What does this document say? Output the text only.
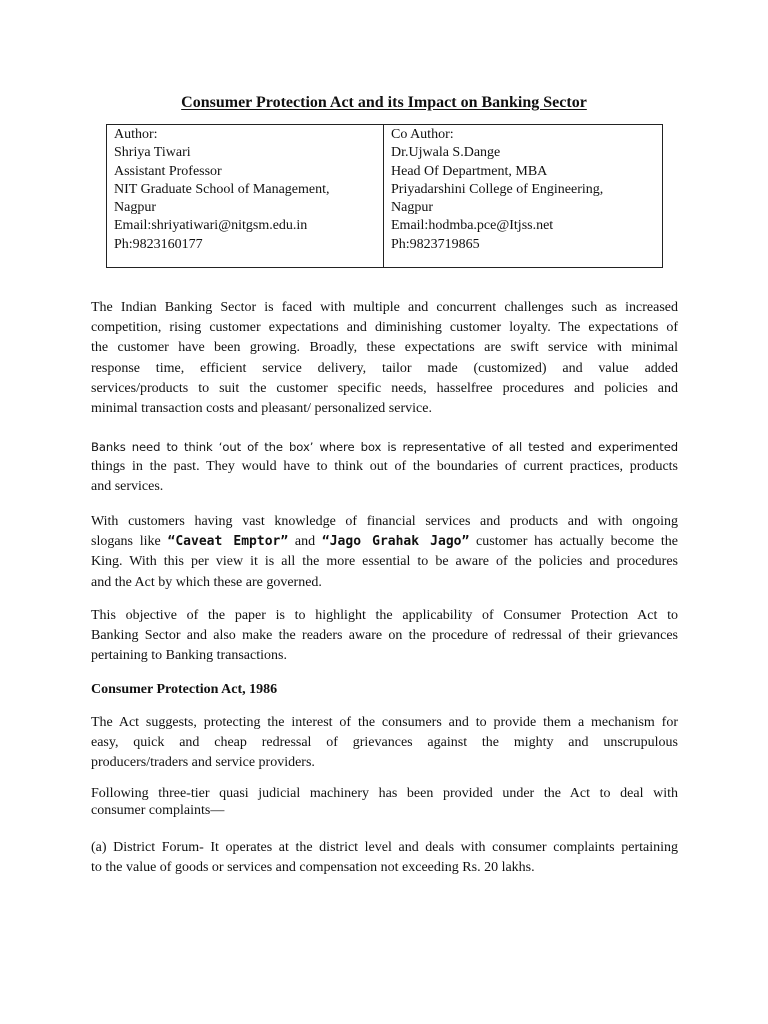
Consumer Protection Act and its Impact on Banking Sector
Author:
Shriya Tiwari
Assistant Professor
NIT Graduate School of Management,
Nagpur
Email:shriyatiwari@nitgsm.edu.in
Ph:9823160177

Co Author:
Dr.Ujwala S.Dange
Head Of Department, MBA
Priyadarshini College of Engineering,
Nagpur
Email:hodmba.pce@Itjss.net
Ph:9823719865
The Indian Banking Sector is faced with multiple and concurrent challenges such as increased
competition, rising customer expectations and diminishing customer loyalty. The expectations of
the customer have been growing. Broadly, these expectations are swift service with minimal
response time, efficient service delivery, tailor made (customized) and value added
services/products to suit the customer specific needs, hasselfree procedures and policies and
minimal transaction costs and pleasant/ personalized service.
Banks need to think ‘out of the box’ where box is representative of all tested and experimented
things in the past. They would have to think out of the boundaries of current practices, products
and services.
With customers having vast knowledge of financial services and products and with ongoing
slogans like “Caveat Emptor” and “Jago Grahak Jago” customer has actually become the
King. With this per view it is all the more essential to be aware of the policies and procedures
and the Act by which these are governed.
This objective of the paper is to highlight the applicability of Consumer Protection Act to
Banking Sector and also make the readers aware on the procedure of redressal of their grievances
pertaining to Banking transactions.
Consumer Protection Act, 1986
The Act suggests, protecting the interest of the consumers and to provide them a mechanism for
easy, quick and cheap redressal of grievances against the mighty and unscrupulous
producers/traders and service providers.
Following three-tier quasi judicial machinery has been provided under the Act to deal with
consumer complaints—
(a) District Forum- It operates at the district level and deals with consumer complaints pertaining
to the value of goods or services and compensation not exceeding Rs. 20 lakhs.
